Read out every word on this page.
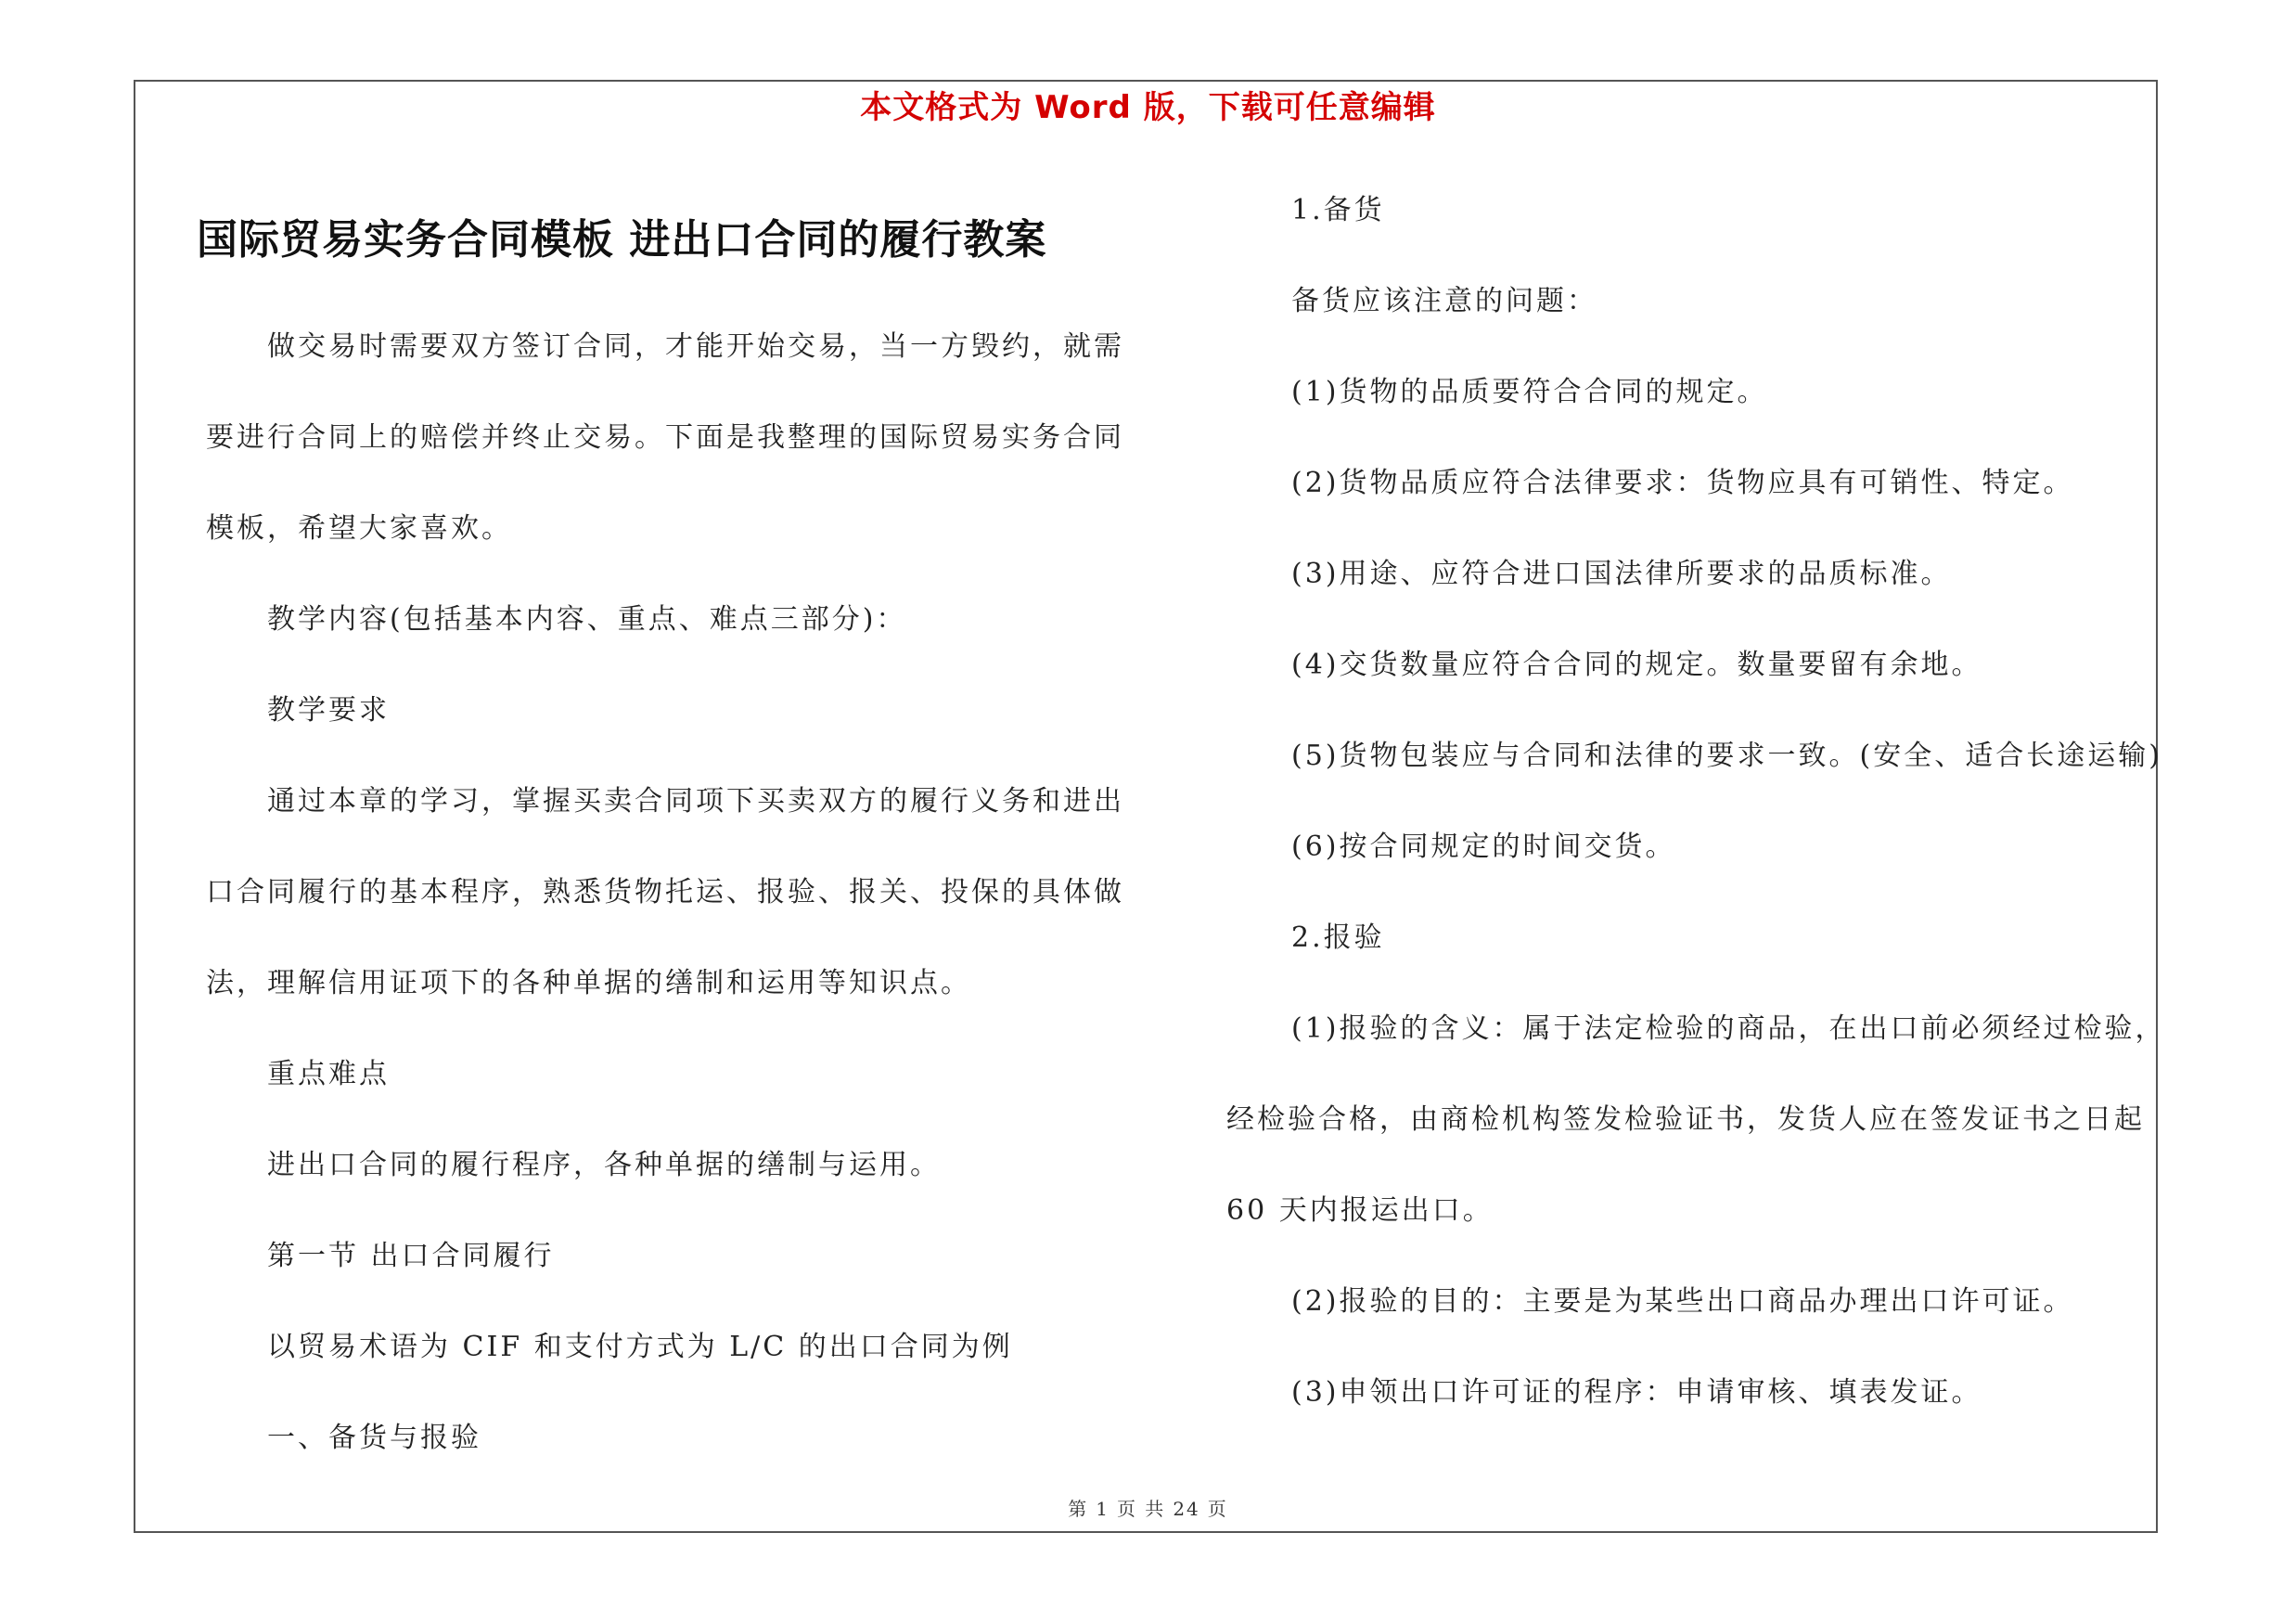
本文格式为 Word 版，下载可任意编辑
国际贸易实务合同模板 进出口合同的履行教案

做交易时需要双方签订合同，才能开始交易，当一方毁约，就需

要进行合同上的赔偿并终止交易。下面是我整理的国际贸易实务合同

模板，希望大家喜欢。

教学内容(包括基本内容、重点、难点三部分)：

教学要求

通过本章的学习，掌握买卖合同项下买卖双方的履行义务和进出

口合同履行的基本程序，熟悉货物托运、报验、报关、投保的具体做

法，理解信用证项下的各种单据的缮制和运用等知识点。

重点难点

进出口合同的履行程序，各种单据的缮制与运用。

第一节 出口合同履行

以贸易术语为 CIF 和支付方式为 L/C 的出口合同为例

一、备货与报验

1.备货

备货应该注意的问题：

(1)货物的品质要符合合同的规定。

(2)货物品质应符合法律要求：货物应具有可销性、特定。

(3)用途、应符合进口国法律所要求的品质标准。

(4)交货数量应符合合同的规定。数量要留有余地。

(5)货物包装应与合同和法律的要求一致。(安全、适合长途运输)

(6)按合同规定的时间交货。

2.报验

(1)报验的含义：属于法定检验的商品，在出口前必须经过检验，

经检验合格，由商检机构签发检验证书，发货人应在签发证书之日起

60 天内报运出口。

(2)报验的目的：主要是为某些出口商品办理出口许可证。

(3)申领出口许可证的程序：申请审核、填表发证。

第 1 页 共 24 页
